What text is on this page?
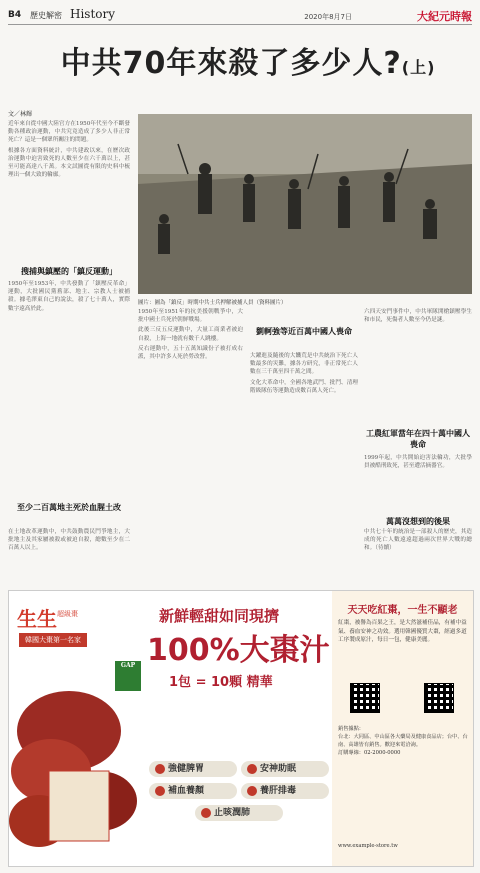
B4 歷史解密 History	2020年8月7日	大紀元時報
中共70年來殺了多少人?(上)
文／林輝

近年來自從中國大陸官方在1950年代至今不斷發動各種政治運動，中共究竟造成了多少人非正常死亡？這是一個眾所關注的問題。

根據各方面資料統計，中共建政以來，在歷次政治運動中迫害致死的人數至少在六千萬以上，甚至可能高達八千萬。本文試圖從有限的史料中梳理出一個大致的輪廓。

搜捕與鎮壓的「鎮反運動」

1950年至1953年，中共發動了「鎮壓反革命」運動，大批國民黨舊部、地主、宗教人士被捕殺。據毛澤東自己的說法，殺了七十萬人，實際數字遠高於此。

至少二百萬地主死於血腥土改

在土地改革運動中，中共鼓動農民鬥爭地主，大批地主及其家屬被殺或被迫自殺，總數至少在二百萬人以上。

圖片：圖為「鎮反」時期中共士兵押解被捕人員（資料圖片）

1950年至1951年的抗美援朝戰爭中，大批中國士兵死於朝鮮戰場。

此後三反五反運動中，大量工商業者被迫自殺，上海一地就有數千人跳樓。

反右運動中，五十五萬知識份子被打成右派，其中許多人死於勞改營。

劉軻強等近百萬中國人喪命

大躍進及隨後的大饑荒是中共統治下死亡人數最多的災難，據各方研究，非正常死亡人數在三千萬至四千萬之間。

文化大革命中，全國各地武鬥、批鬥、清理階級隊伍等運動造成數百萬人死亡。

六四天安門事件中，中共軍隊開槍鎮壓學生和市民，死傷者人數至今仍是謎。

工農紅軍當年在四十萬中國人喪命

1999年起，中共開始迫害法輪功，大批學員被酷刑致死，甚至遭活摘器官。

萬萬沒想到的後果

中共七十年的統治是一部殺人的歷史，其造成的死亡人數遠遠超過兩次世界大戰的總和。（待續）

生生 超級棗
韓國大棗第一名家
GAP
新鮮輕甜如同現擠
100%大棗汁
1包 = 10顆 精華
強健脾胃	安神助眠
補血養顏	養肝排毒
止咳潤肺
天天吃紅棗，一生不顯老
紅棗，被譽為百果之王，是大然滋補佳品，有補中益氣、養血安神之功效。選用韓國優質大棗，經過多道工序製成原汁，每日一包，健康美麗。
銷售據點：
台北：大同區、中山區各大藥局及健康食品店；台中、台南、高雄皆有銷售。歡迎來電洽詢。
訂購專線：02-2000-0000
www.example-store.tw
